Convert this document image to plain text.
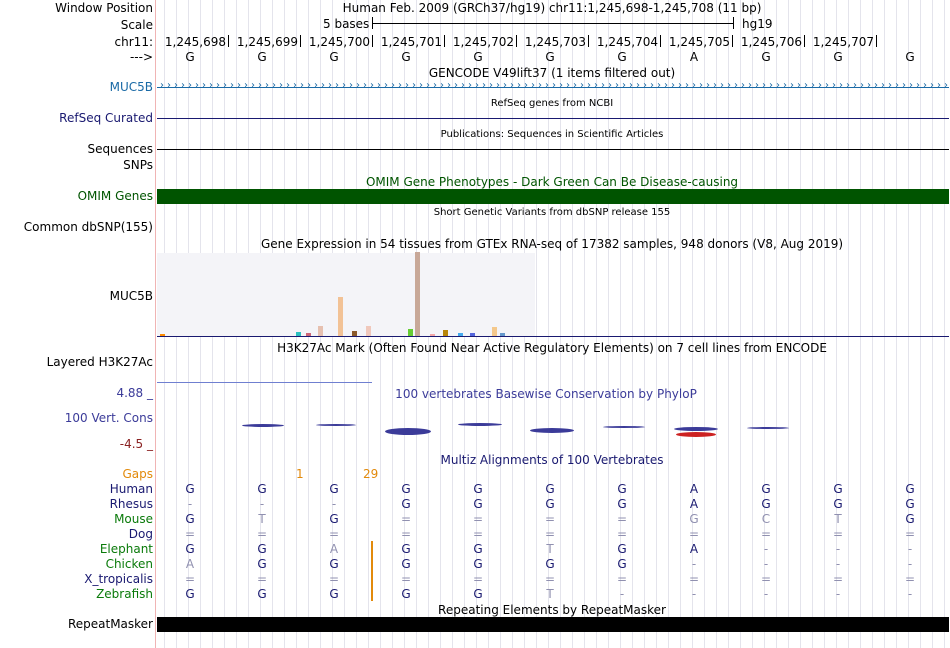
Window Position	Human Feb. 2009 (GRCh37/hg19) chr11:1,245,698-1,245,708 (11 bp)
Scale	5 bases	hg19
chr11: 1,245,698 1,245,699 1,245,700 1,245,701 1,245,702 1,245,703 1,245,704 1,245,705 1,245,706 1,245,707
--->	G	G	G	G	G	G	G	A	G	G	G
GENCODE V49lift37 (1 items filtered out)
MUC5B › › › › › › › › › › › › › › › › › › › › › › › › › › › › › › › › › › › › › › › › › › › › › › › › › › › › › › › › › › › › › › › › › › › › › › › › › › › › › › › › › › › › › › › › › › › › › › › › › › › › › › › › › › › › › › › › ›
RefSeq genes from NCBI
RefSeq Curated
Publications: Sequences in Scientific Articles
Sequences
SNPs
OMIM Gene Phenotypes - Dark Green Can Be Disease-causing
OMIM Genes
Short Genetic Variants from dbSNP release 155
Common dbSNP(155)
Gene Expression in 54 tissues from GTEx RNA-seq of 17382 samples, 948 donors (V8, Aug 2019)
MUC5B
H3K27Ac Mark (Often Found Near Active Regulatory Elements) on 7 cell lines from ENCODE
Layered H3K27Ac
4.88 _	100 vertebrates Basewise Conservation by PhyloP
100 Vert. Cons
-4.5 _
Multiz Alignments of 100 Vertebrates
Gaps	1	29
Human	G	G	G	G	G	G	G	A	G	G	G
Rhesus	-	-	-	G	G	G	G	A	G	G	G
Mouse	G	T	G	=	=	=	=	G	C	T	G
Dog	=	=	=	=	=	=	=	=	=	=	=
Elephant	G	G	A	G	G	T	G	A	-	-	-
Chicken	A	G	G	G	G	G	G	-	-	-	-
X_tropicalis	=	=	=	=	=	=	=	=	=	=	=
Zebrafish	G	G	G	G	G	T	-	-	-	-	-
Repeating Elements by RepeatMasker
RepeatMasker
